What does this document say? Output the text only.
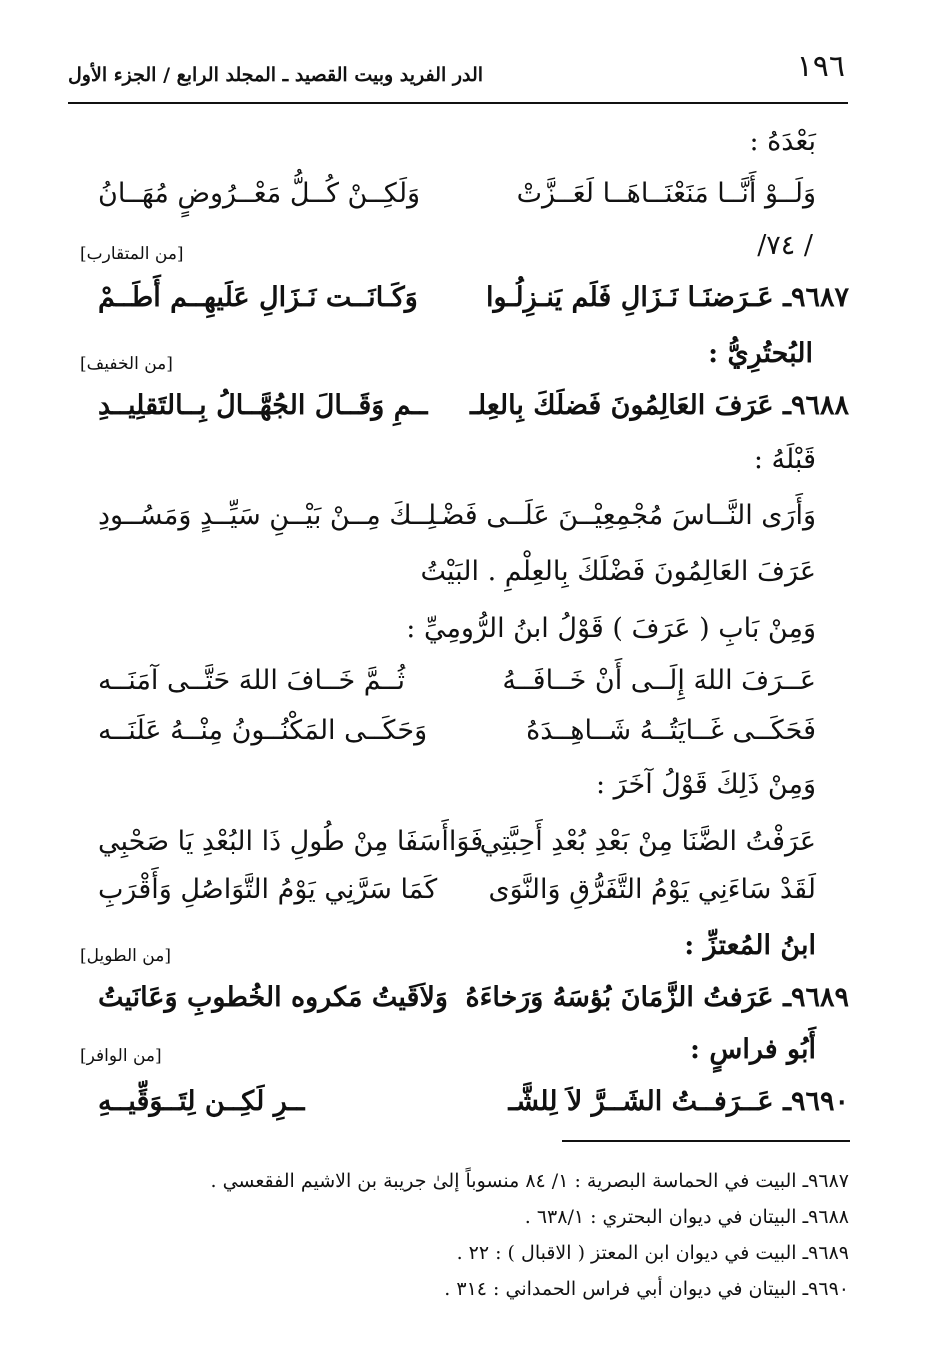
١٩٦
الدر الفريد وبيت القصيد ـ المجلد الرابع / الجزء الأول
بَعْدَهُ :
وَلَــوْ أَنَّــا مَنَعْنَــاهَــا لَعَــزَّتْ
وَلَكِــنْ كُــلُّ مَعْــرُوضٍ مُهَــانُ
/ ٧٤/
[من المتقارب]
٩٦٨٧ـ عَـرَضنَـا نَـزَالِ فَلَم يَنـزِلُـوا
وَكَـانَــت نَـزَالِ عَلَيهِــم أَطَــمْ
البُحتُرِيُّ :
[من الخفيف]
٩٦٨٨ـ عَرَفَ العَالِمُونَ فَضلَكَ بِالعِلـ
ــمِ وَقَــالَ الجُهَّــالُ بِــالتَقلِيــدِ
قَبْلَهُ :
وَأَرَى النَّــاسَ مُجْمِعِيْــنَ عَلَــى فَضْـ
ـلِــكَ مِــنْ بَيْــنِ سَيِّــدٍ وَمَسُــودِ
عَرَفَ العَالِمُونَ فَضْلَكَ بِالعِلْمِ . البَيْتُ
وَمِنْ بَابِ ( عَرَفَ ) قَوْلُ ابنُ الرُّومِيِّ :
عَــرَفَ اللهَ إِلَــى أَنْ خَــافَــهُ
ثُــمَّ خَــافَ اللهَ حَتَّــى آمَنَــه
فَحَكَــى غَــايَتُــهُ شَــاهِــدَهُ
وَحَكَــى المَكْنُــونُ مِنْــهُ عَلَنَــه
وَمِنْ ذَلِكَ قَوْلُ آخَرَ :
عَرَفْتُ الضَّنَا مِنْ بَعْدِ بُعْدِ أَحِبَّتِي
فَوَاأَسَفَا مِنْ طُولِ ذَا البُعْدِ يَا صَحْبِي
لَقَدْ سَاءَنِي يَوْمُ التَّفَرُّقِ وَالنَّوَى
كَمَا سَرَّنِي يَوْمُ التَّوَاصُلِ وَأَقْرَبِ
ابنُ المُعتزِّ :
[من الطويل]
٩٦٨٩ـ عَرَفتُ الزَّمَانَ بُؤسَهُ وَرَخاءَهُ
وَلاَقَيتُ مَكروه الخُطوبِ وَعَانَيتُ
أَبُو فراسٍ :
[من الوافر]
٩٦٩٠ـ عَــرَفــتُ الشَــرَّ لاَ لِلشَّـ
ــرِ لَكِــن لِتَــوَقِّيــهِ
٩٦٨٧ـ البيت في الحماسة البصرية : ١/ ٨٤ منسوباً إلىٰ جريبة بن الاشيم الفقعسي .
٩٦٨٨ـ البيتان في ديوان البحتري : ٦٣٨/١ .
٩٦٨٩ـ البيت في ديوان ابن المعتز ( الاقبال ) : ٢٢ .
٩٦٩٠ـ البيتان في ديوان أبي فراس الحمداني : ٣١٤ .
